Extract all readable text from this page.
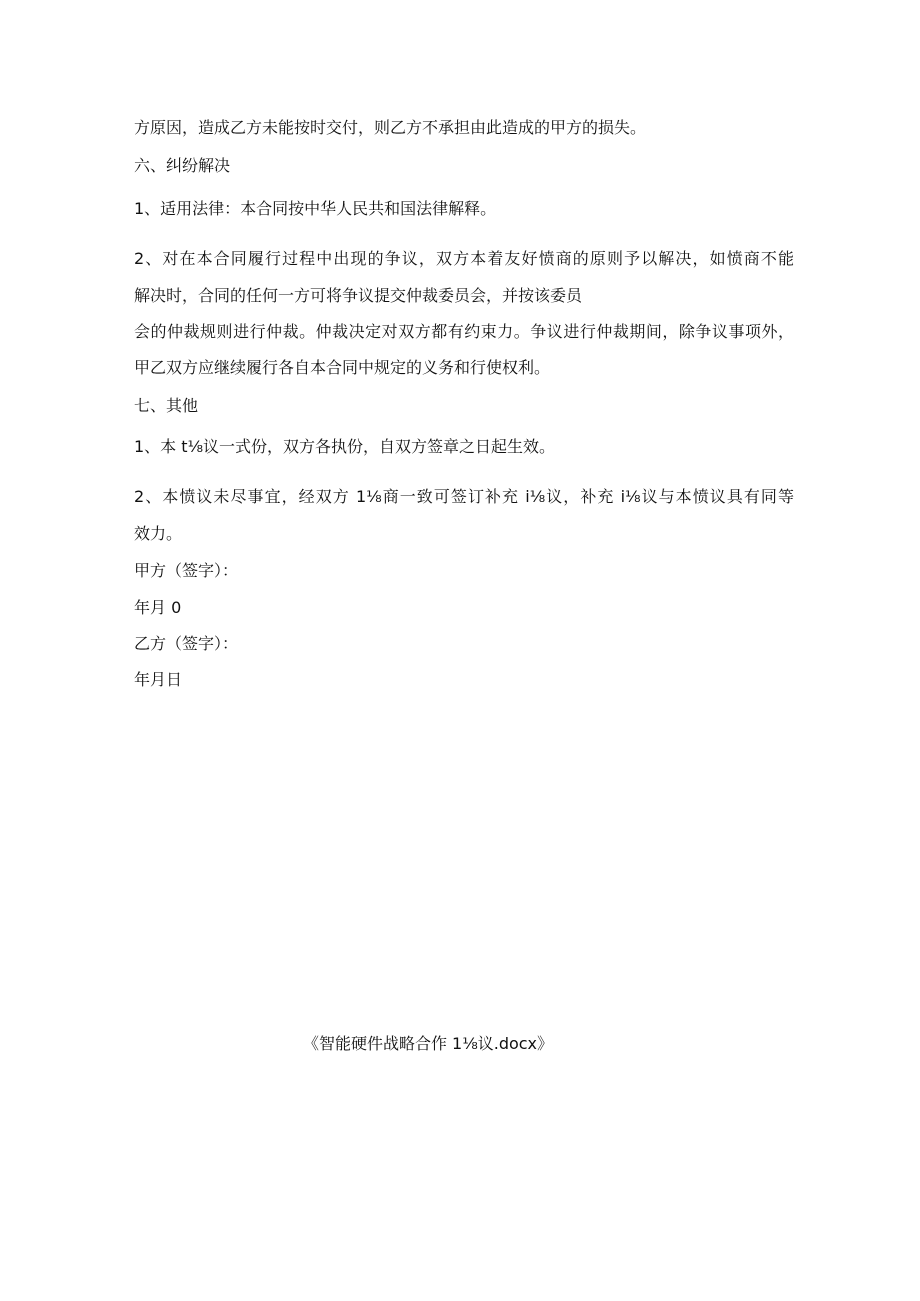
方原因，造成乙方未能按时交付，则乙方不承担由此造成的甲方的损失。
六、纠纷解决
1、适用法律：本合同按中华人民共和国法律解释。
2、对在本合同履行过程中出现的争议，双方本着友好愤商的原则予以解决，如愤商不能
解决时，合同的任何一方可将争议提交仲裁委员会，并按该委员
会的仲裁规则进行仲裁。仲裁决定对双方都有约束力。争议进行仲裁期间，除争议事项外，
甲乙双方应继续履行各自本合同中规定的义务和行使权利。
七、其他
1、本 t⅛议一式份，双方各执份，自双方签章之日起生效。
2、本愤议未尽事宜，经双方 1⅛商一致可签订补充 i⅛议，补充 i⅛议与本愤议具有同等
效力。
甲方（签字）：
年月 0
乙方（签字）：
年月日
《智能硬件战略合作 1⅛议.docx》
